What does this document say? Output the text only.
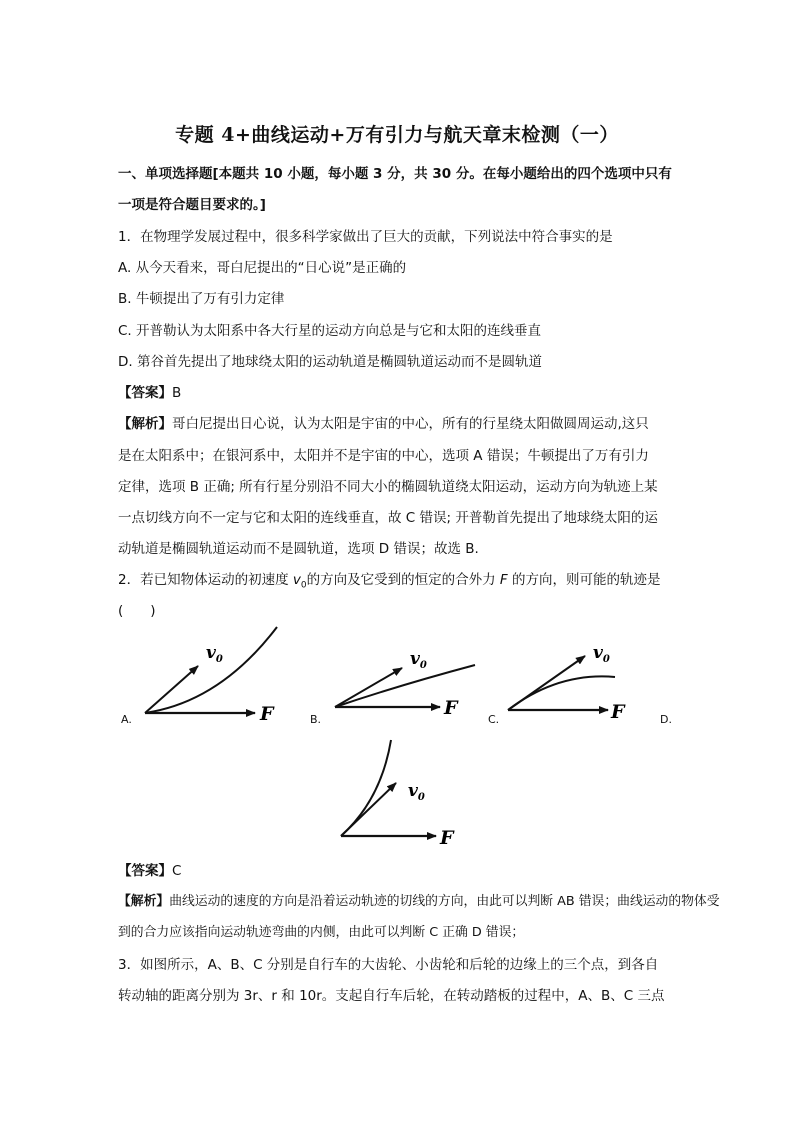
专题 4+曲线运动+万有引力与航天章末检测（一）
一、单项选择题[本题共 10 小题，每小题 3 分，共 30 分。在每小题给出的四个选项中只有
一项是符合题目要求的。]
1．在物理学发展过程中，很多科学家做出了巨大的贡献，下列说法中符合事实的是
A. 从今天看来，哥白尼提出的“日心说”是正确的
B. 牛顿提出了万有引力定律
C. 开普勒认为太阳系中各大行星的运动方向总是与它和太阳的连线垂直
D. 第谷首先提出了地球绕太阳的运动轨道是椭圆轨道运动而不是圆轨道
【答案】B
【解析】哥白尼提出日心说，认为太阳是宇宙的中心，所有的行星绕太阳做圆周运动,这只
是在太阳系中；在银河系中，太阳并不是宇宙的中心，选项 A 错误；牛顿提出了万有引力
定律，选项 B 正确; 所有行星分别沿不同大小的椭圆轨道绕太阳运动，运动方向为轨迹上某
一点切线方向不一定与它和太阳的连线垂直，故 C 错误; 开普勒首先提出了地球绕太阳的运
动轨道是椭圆轨道运动而不是圆轨道，选项 D 错误；故选 B.
2．若已知物体运动的初速度 $v_0$的方向及它受到的恒定的合外力 F 的方向，则可能的轨迹是
(　　)
$v_0$
F
A.
$v_0$
F
B.
$v_0$
F
C.	D.
$v_0$
F
【答案】C
【解析】曲线运动的速度的方向是沿着运动轨迹的切线的方向，由此可以判断 AB 错误；曲线运动的物体受
到的合力应该指向运动轨迹弯曲的内侧，由此可以判断 C 正确 D 错误；
3．如图所示，A、B、C 分别是自行车的大齿轮、小齿轮和后轮的边缘上的三个点，到各自
转动轴的距离分别为 3r、r 和 10r。支起自行车后轮，在转动踏板的过程中，A、B、C 三点
